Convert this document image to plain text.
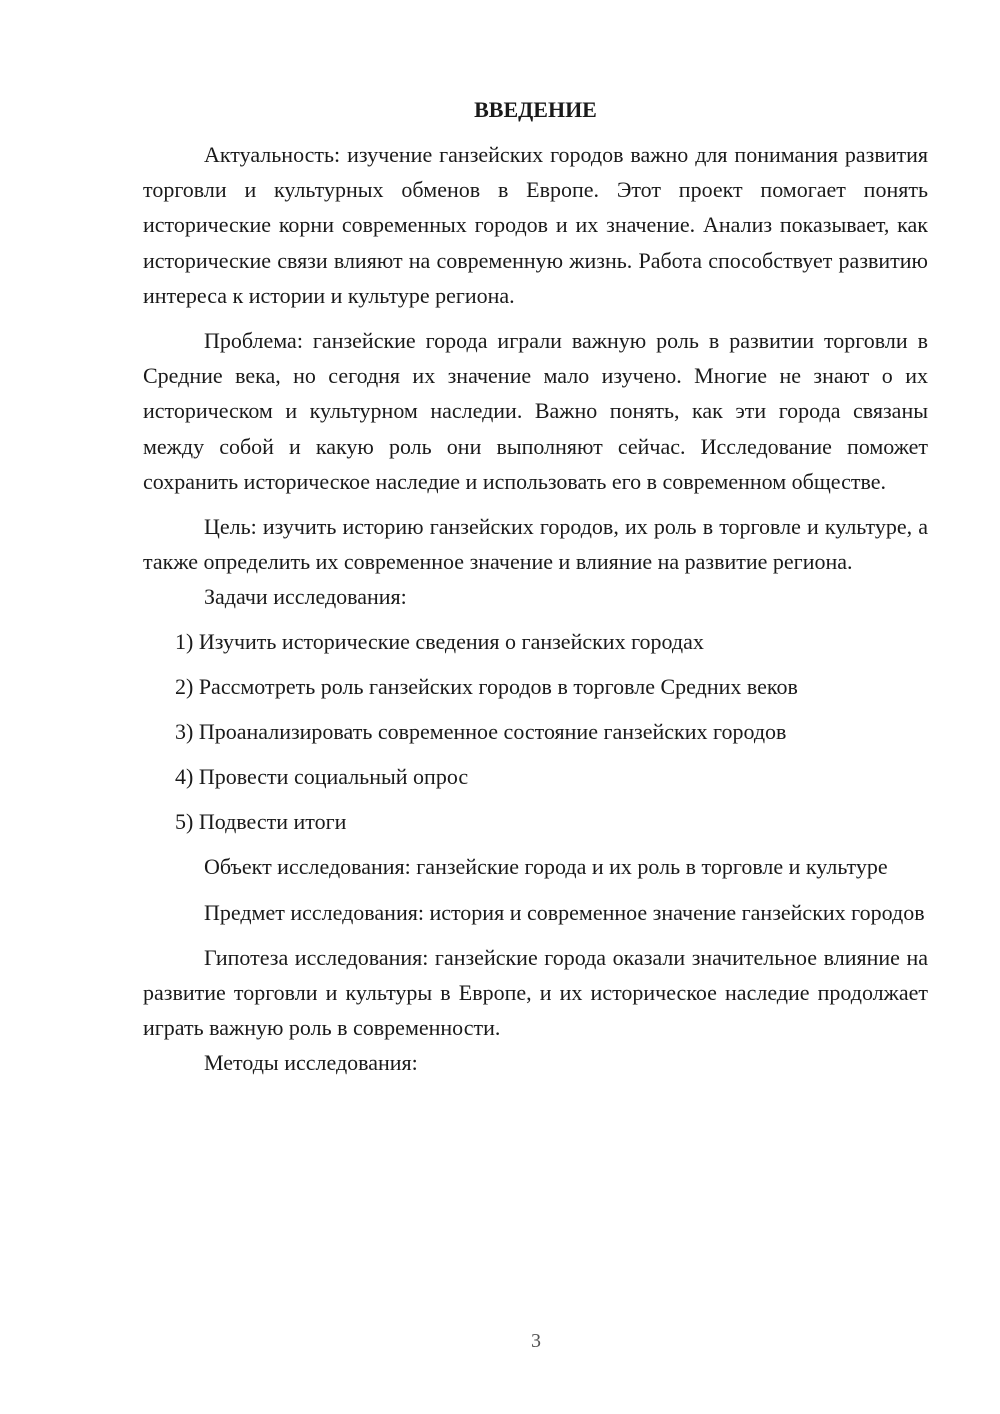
ВВЕДЕНИЕ

Актуальность: изучение ганзейских городов важно для понимания развития торговли и культурных обменов в Европе. Этот проект помогает понять исторические корни современных городов и их значение. Анализ показывает, как исторические связи влияют на современную жизнь. Работа способствует развитию интереса к истории и культуре региона.

Проблема: ганзейские города играли важную роль в развитии торговли в Средние века, но сегодня их значение мало изучено. Многие не знают о их историческом и культурном наследии. Важно понять, как эти города связаны между собой и какую роль они выполняют сейчас. Исследование поможет сохранить историческое наследие и использовать его в современном обществе.

Цель: изучить историю ганзейских городов, их роль в торговле и культуре, а также определить их современное значение и влияние на развитие региона.

Задачи исследования:

1) Изучить исторические сведения о ганзейских городах
2) Рассмотреть роль ганзейских городов в торговле Средних веков
3) Проанализировать современное состояние ганзейских городов
4) Провести социальный опрос
5) Подвести итоги

Объект исследования: ганзейские города и их роль в торговле и культуре

Предмет исследования: история и современное значение ганзейских городов

Гипотеза исследования: ганзейские города оказали значительное влияние на развитие торговли и культуры в Европе, и их историческое наследие продолжает играть важную роль в современности.

Методы исследования:

3
